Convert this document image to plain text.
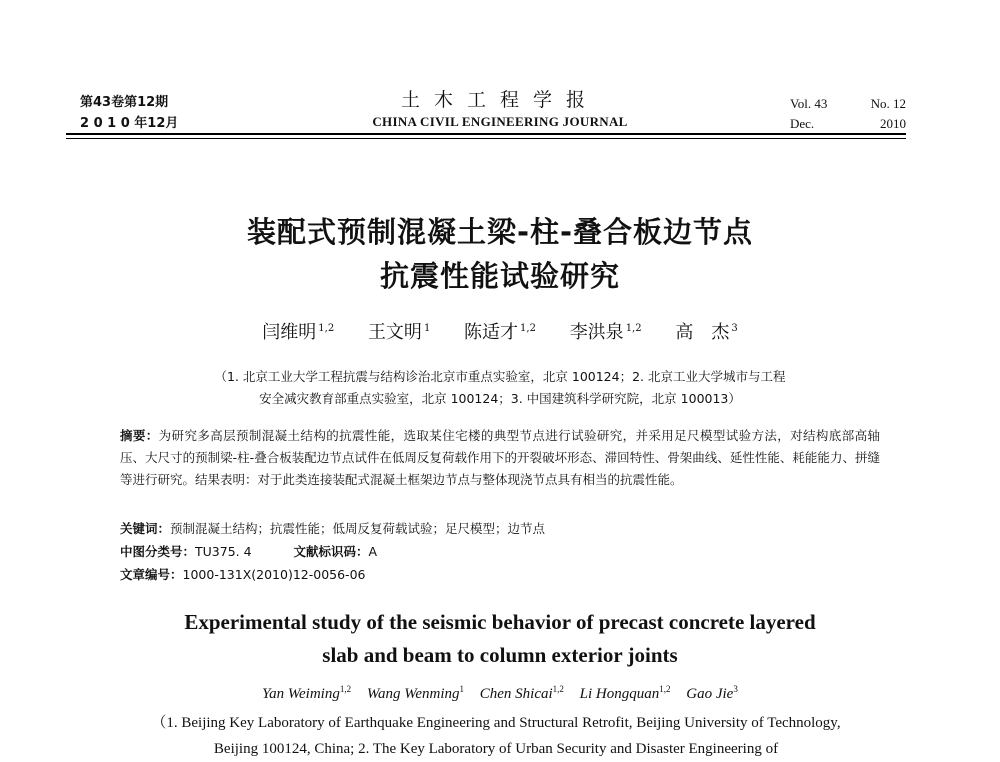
第43卷第12期
2 0 1 0 年12月
土木工程学报
CHINA CIVIL ENGINEERING JOURNAL
Vol. 43	No. 12
Dec.	2010
装配式预制混凝土梁-柱-叠合板边节点
抗震性能试验研究
闫维明 $^{1,2}$ 王文明 $^1$ 陈适才 $^{1,2}$ 李洪泉 $^{1,2}$ 高　杰 $^3$
（1. 北京工业大学工程抗震与结构诊治北京市重点实验室，北京 100124；2. 北京工业大学城市与工程
安全减灾教育部重点实验室，北京 100124；3. 中国建筑科学研究院，北京 100013）
摘要：为研究多高层预制混凝土结构的抗震性能，选取某住宅楼的典型节点进行试验研究，并采用足尺模型试验方法，对结构底部高轴压、大尺寸的预制梁-柱-叠合板装配边节点试件在低周反复荷载作用下的开裂破坏形态、滞回特性、骨架曲线、延性性能、耗能能力、拼缝等进行研究。结果表明：对于此类连接装配式混凝土框架边节点与整体现浇节点具有相当的抗震性能。
关键词：预制混凝土结构；抗震性能；低周反复荷载试验；足尺模型；边节点
中图分类号：TU375. 4	文献标识码：A
文章编号：1000-131X(2010)12-0056-06
Experimental study of the seismic behavior of precast concrete layered
slab and beam to column exterior joints
Yan Weiming$^{1,2}$ Wang Wenming$^1$ Chen Shicai$^{1,2}$ Li Hongquan$^{1,2}$ Gao Jie$^3$
（1. Beijing Key Laboratory of Earthquake Engineering and Structural Retrofit, Beijing University of Technology,
Beijing 100124, China; 2. The Key Laboratory of Urban Security and Disaster Engineering of
